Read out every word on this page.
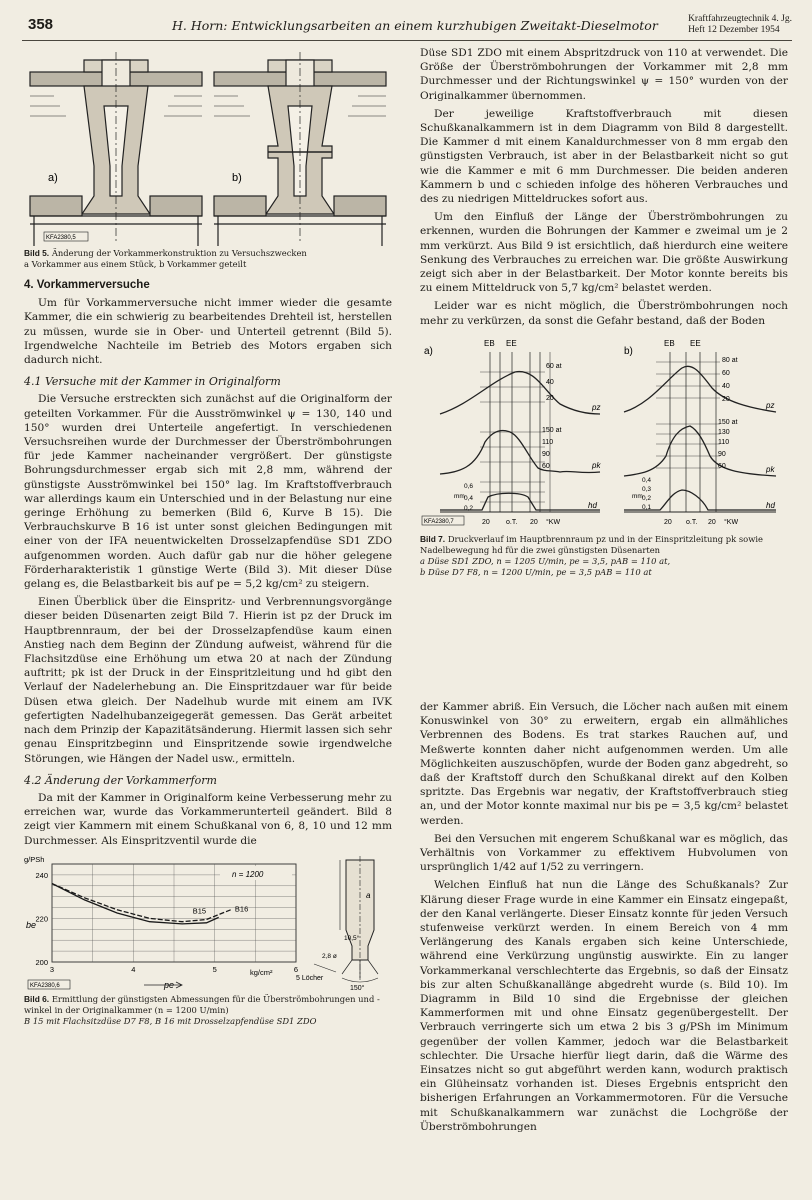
358	H. Horn: Entwicklungsarbeiten an einem kurzhubigen Zweitakt-Dieselmotor	Kraftfahrzeugtechnik 4. Jg.
Heft 12 Dezember 1954
a)	b)
KFA2380,5
Bild 5. Änderung der Vorkammerkonstruktion zu Versuchszwecken
a Vorkammer aus einem Stück, b Vorkammer geteilt
4. Vorkammerversuche

Um für Vorkammerversuche nicht immer wieder die gesamte Kammer, die ein schwierig zu bearbeitendes Drehteil ist, herstellen zu müssen, wurde sie in Ober- und Unterteil getrennt (Bild 5). Irgendwelche Nachteile im Betrieb des Motors ergaben sich dadurch nicht.

4.1 Versuche mit der Kammer in Originalform

Die Versuche erstreckten sich zunächst auf die Originalform der geteilten Vorkammer. Für die Ausströmwinkel ψ = 130, 140 und 150° wurden drei Unterteile angefertigt. In verschiedenen Versuchsreihen wurde der Durchmesser der Überströmbohrungen für jede Kammer nacheinander vergrößert. Der günstigste Bohrungsdurchmesser ergab sich mit 2,8 mm, während der günstigste Ausströmwinkel bei 150° lag. Im Kraftstoffverbrauch war allerdings kaum ein Unterschied und in der Belastung nur eine geringe Erhöhung zu bemerken (Bild 6, Kurve B 15). Die Verbrauchskurve B 16 ist unter sonst gleichen Bedingungen mit einer von der IFA neuentwickelten Drosselzapfendüse SD1 ZDO aufgenommen worden. Auch dafür gab nur die höher gelegene Förderharakteristik 1 günstige Werte (Bild 3). Mit dieser Düse gelang es, die Belastbarkeit bis auf pe = 5,2 kg/cm² zu steigern.

Einen Überblick über die Einspritz- und Verbrennungsvorgänge dieser beiden Düsenarten zeigt Bild 7. Hierin ist pz der Druck im Hauptbrennraum, der bei der Drosselzapfendüse kaum einen Anstieg nach dem Beginn der Zündung aufweist, während für die Flachsitzdüse eine Erhöhung um etwa 20 at nach der Zündung auftritt; pk ist der Druck in der Einspritzleitung und hd gibt den Verlauf der Nadelerhebung an. Die Einspritzdauer war für beide Düsen etwa gleich. Der Nadelhub wurde mit einem am IVK gefertigten Nadelhubanzeigegerät gemessen. Das Gerät arbeitet nach dem Prinzip der Kapazitätsänderung. Hiermit lassen sich sehr genau Einspritzbeginn und Einspritzende sowie irgendwelche Störungen, wie Hängen der Nadel usw., ermitteln.

4.2 Änderung der Vorkammerform

Da mit der Kammer in Originalform keine Verbesserung mehr zu erreichen war, wurde das Vorkammerunterteil geändert. Bild 8 zeigt vier Kammern mit einem Schußkanal von 6, 8, 10 und 12 mm Durchmesser. Als Einspritzventil wurde die

200
220
240
3	4	5	6
g/PSh
be
pe
kg/cm²
n = 1200
B15	B16
KFA2380,6
a
10,5°
2,8 ø
5 Löcher
150°
Bild 6. Ermittlung der günstigsten Abmessungen für die Überströmbohrungen und -winkel in der Originalkammer (n = 1200 U/min)
B 15 mit Flachsitzdüse D7 F8, B 16 mit Drosselzapfendüse SD1 ZDO

Düse SD1 ZDO mit einem Abspritzdruck von 110 at verwendet. Die Größe der Überströmbohrungen der Vorkammer mit 2,8 mm Durchmesser und der Richtungswinkel ψ = 150° wurden von der Originalkammer übernommen.

Der jeweilige Kraftstoffverbrauch mit diesen Schußkanalkammern ist in dem Diagramm von Bild 8 dargestellt. Die Kammer d mit einem Kanaldurchmesser von 8 mm ergab den günstigsten Verbrauch, ist aber in der Belastbarkeit nicht so gut wie die Kammer e mit 6 mm Durchmesser. Die beiden anderen Kammern b und c schieden infolge des höheren Verbrauches und des zu niedrigen Mitteldruckes sofort aus.

Um den Einfluß der Länge der Überströmbohrungen zu erkennen, wurden die Bohrungen der Kammer e zweimal um je 2 mm verkürzt. Aus Bild 9 ist ersichtlich, daß hierdurch eine weitere Senkung des Verbrauches zu erreichen war. Die größte Auswirkung zeigt sich aber in der Belastbarkeit. Der Motor konnte bereits bis zu einem Mitteldruck von 5,7 kg/cm² belastet werden.

Leider war es nicht möglich, die Überströmbohrungen noch mehr zu verkürzen, da sonst die Gefahr bestand, daß der Boden

a)
EB EE
60 at
40
20
pz
150 at
110
90
60	pk
0,6
mm 0,4
0,2	hd
20 o.T. 20 °KW
b)
EB EE
80 at
60
40
20
pz
150 at
130
110
90
60	pk
0,4
0,3
0,2
0,1
mm
hd
20 o.T. 20 °KW
KFA2380,7
Bild 7. Druckverlauf im Hauptbrennraum pz und in der Einspritzleitung pk sowie Nadelbewegung hd für die zwei günstigsten Düsenarten
a Düse SD1 ZDO, n = 1205 U/min, pe = 3,5, pAB = 110 at,
b Düse D7 F8, n = 1200 U/min, pe = 3,5 pAB = 110 at

der Kammer abriß. Ein Versuch, die Löcher nach außen mit einem Konuswinkel von 30° zu erweitern, ergab ein allmähliches Verbrennen des Bodens. Es trat starkes Rauchen auf, und Meßwerte konnten daher nicht aufgenommen werden. Um alle Möglichkeiten auszuschöpfen, wurde der Boden ganz abgedreht, so daß der Kraftstoff durch den Schußkanal direkt auf den Kolben spritzte. Das Ergebnis war negativ, der Kraftstoffverbrauch stieg an, und der Motor konnte maximal nur bis pe = 3,5 kg/cm² belastet werden.

Bei den Versuchen mit engerem Schußkanal war es möglich, das Verhältnis von Vorkammer zu effektivem Hubvolumen von ursprünglich 1/42 auf 1/52 zu verringern.

Welchen Einfluß hat nun die Länge des Schußkanals? Zur Klärung dieser Frage wurde in eine Kammer ein Einsatz eingepaßt, der den Kanal verlängerte. Dieser Einsatz konnte für jeden Versuch stufenweise verkürzt werden. In einem Bereich von 4 mm Verlängerung des Kanals ergaben sich keine Unterschiede, während eine Verkürzung ungünstig auswirkte. Ein zu langer Vorkammerkanal verschlechterte das Ergebnis, so daß der Einsatz bis zur alten Schußkanallänge abgedreht wurde (s. Bild 10). Im Diagramm in Bild 10 sind die Ergebnisse der gleichen Kammerformen mit und ohne Einsatz gegenübergestellt. Der Verbrauch verringerte sich um etwa 2 bis 3 g/PSh im Minimum gegenüber der vollen Kammer, jedoch war die Belastbarkeit schlechter. Die Ursache hierfür liegt darin, daß die Wärme des Einsatzes nicht so gut abgeführt werden kann, wodurch praktisch ein Glüheinsatz vorhanden ist. Dieses Ergebnis entspricht den bisherigen Erfahrungen an Vorkammermotoren. Für die Versuche mit Schußkanalkammern war zunächst die Lochgröße der Überströmbohrungen
